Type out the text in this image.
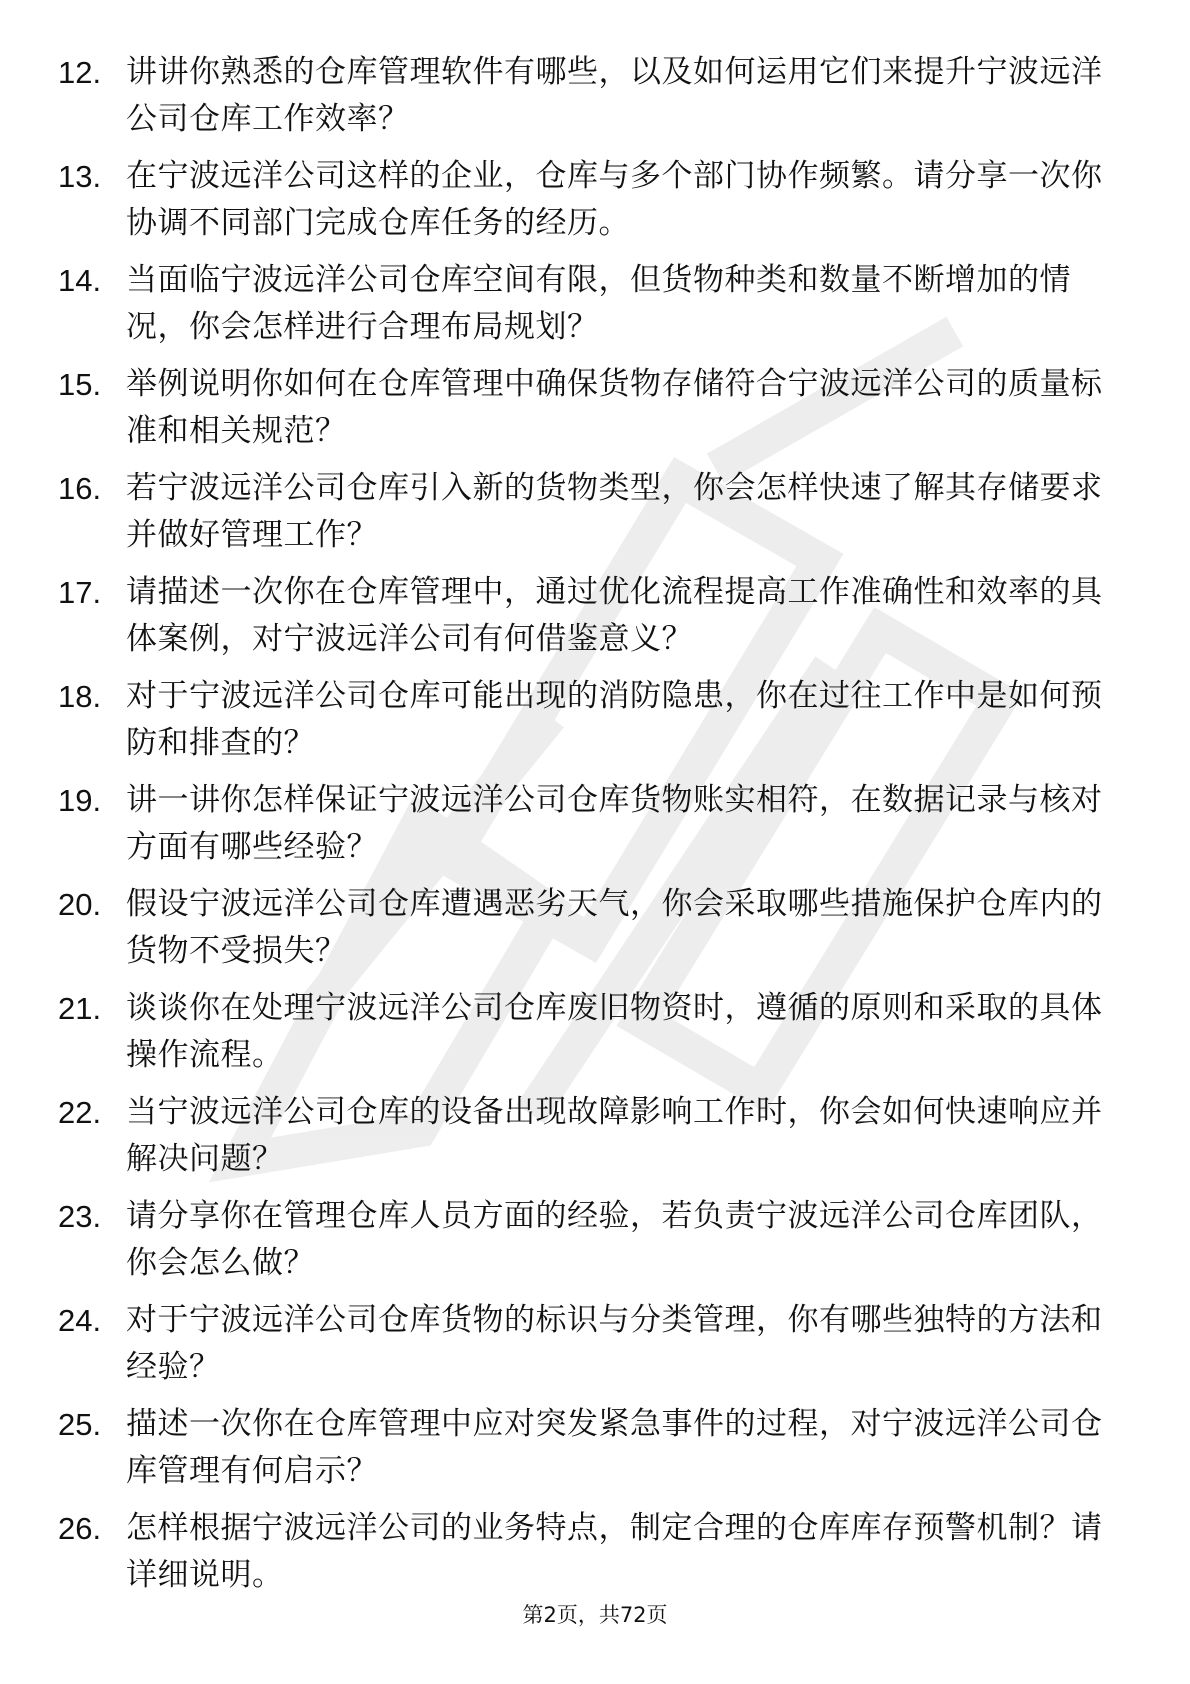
12. 讲讲你熟悉的仓库管理软件有哪些，以及如何运用它们来提升宁波远洋公司仓库工作效率？
13. 在宁波远洋公司这样的企业，仓库与多个部门协作频繁。请分享一次你协调不同部门完成仓库任务的经历。
14. 当面临宁波远洋公司仓库空间有限，但货物种类和数量不断增加的情况，你会怎样进行合理布局规划？
15. 举例说明你如何在仓库管理中确保货物存储符合宁波远洋公司的质量标准和相关规范？
16. 若宁波远洋公司仓库引入新的货物类型，你会怎样快速了解其存储要求并做好管理工作？
17. 请描述一次你在仓库管理中，通过优化流程提高工作准确性和效率的具体案例，对宁波远洋公司有何借鉴意义？
18. 对于宁波远洋公司仓库可能出现的消防隐患，你在过往工作中是如何预防和排查的？
19. 讲一讲你怎样保证宁波远洋公司仓库货物账实相符，在数据记录与核对方面有哪些经验？
20. 假设宁波远洋公司仓库遭遇恶劣天气，你会采取哪些措施保护仓库内的货物不受损失？
21. 谈谈你在处理宁波远洋公司仓库废旧物资时，遵循的原则和采取的具体操作流程。
22. 当宁波远洋公司仓库的设备出现故障影响工作时，你会如何快速响应并解决问题？
23. 请分享你在管理仓库人员方面的经验，若负责宁波远洋公司仓库团队，你会怎么做？
24. 对于宁波远洋公司仓库货物的标识与分类管理，你有哪些独特的方法和经验？
25. 描述一次你在仓库管理中应对突发紧急事件的过程，对宁波远洋公司仓库管理有何启示？
26. 怎样根据宁波远洋公司的业务特点，制定合理的仓库库存预警机制？请详细说明。
第2页，共72页
